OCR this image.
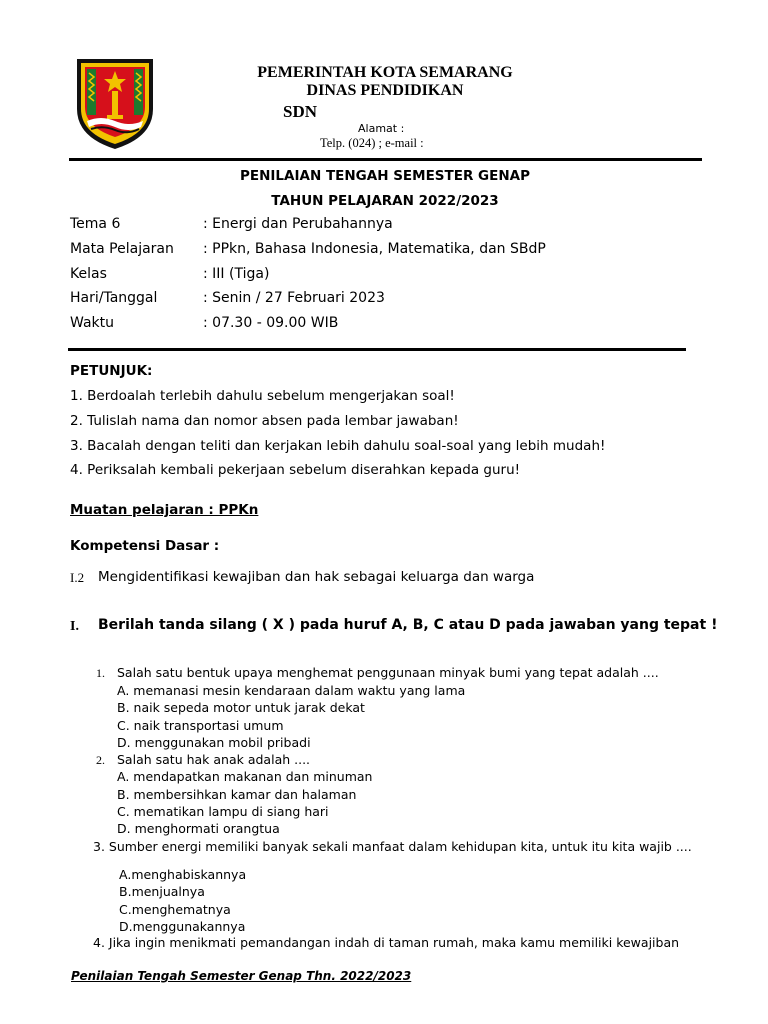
PEMERINTAH KOTA SEMARANG
DINAS PENDIDIKAN
SDN
Alamat :
Telp. (024) ; e-mail :
PENILAIAN TENGAH SEMESTER GENAP
TAHUN PELAJARAN 2022/2023
Tema 6	: Energi dan Perubahannya
Mata Pelajaran : PPkn, Bahasa Indonesia, Matematika, dan SBdP
Kelas	: III (Tiga)
Hari/Tanggal	: Senin / 27 Februari 2023
Waktu	: 07.30 - 09.00 WIB
PETUNJUK:
1. Berdoalah terlebih dahulu sebelum mengerjakan soal!
2. Tulislah nama dan nomor absen pada lembar jawaban!
3. Bacalah dengan teliti dan kerjakan lebih dahulu soal-soal yang lebih mudah!
4. Periksalah kembali pekerjaan sebelum diserahkan kepada guru!
Muatan pelajaran : PPKn
Kompetensi Dasar :
I.2 Mengidentifikasi kewajiban dan hak sebagai keluarga dan warga
I. Berilah tanda silang ( X ) pada huruf A, B, C atau D pada jawaban yang tepat !
1. Salah satu bentuk upaya menghemat penggunaan minyak bumi yang tepat adalah ....
A. memanasi mesin kendaraan dalam waktu yang lama
B. naik sepeda motor untuk jarak dekat
C. naik transportasi umum
D. menggunakan mobil pribadi
2. Salah satu hak anak adalah ....
A. mendapatkan makanan dan minuman
B. membersihkan kamar dan halaman
C. mematikan lampu di siang hari
D. menghormati orangtua
3. Sumber energi memiliki banyak sekali manfaat dalam kehidupan kita, untuk itu kita wajib ....
A.menghabiskannya
B.menjualnya
C.menghematnya
D.menggunakannya
4. Jika ingin menikmati pemandangan indah di taman rumah, maka kamu memiliki kewajiban
Penilaian Tengah Semester Genap Thn. 2022/2023
